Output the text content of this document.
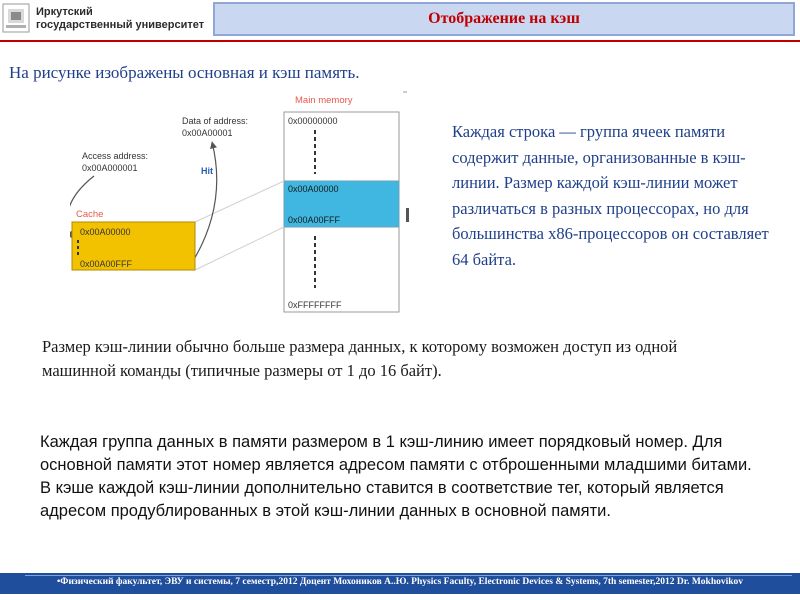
Иркутский
государственный университет	Отображение на кэш
На рисунке изображены основная и кэш память.
Main memory
0x00000000
0x00A00000
0x00A00FFF
0xFFFFFFFF
Data of address:
0x00A00001
Access address:
0x00A000001	Hit
Cache
0x00A00000
0x00A00FFF
Каждая строка — группа ячеек памяти содержит данные, организованные в кэш-линии. Размер каждой кэш-линии может различаться в разных процессорах, но для большинства x86-процессоров он составляет 64 байта.
Размер кэш-линии обычно больше размера данных, к которому возможен доступ из одной машинной команды (типичные размеры от 1 до 16 байт).
Каждая группа данных в памяти размером в 1 кэш-линию имеет порядковый номер. Для основной памяти этот номер является адресом памяти с отброшенными младшими битами. В кэше каждой кэш-линии дополнительно ставится в соответствие тег, который является адресом продублированных в этой кэш-линии данных в основной памяти.
•Физический факультет, ЭВУ и системы, 7 семестр,2012 Доцент Мохоников А..Ю. Physics Faculty, Electronic Devices & Systems, 7th semester,2012 Dr. Mokhovikov
